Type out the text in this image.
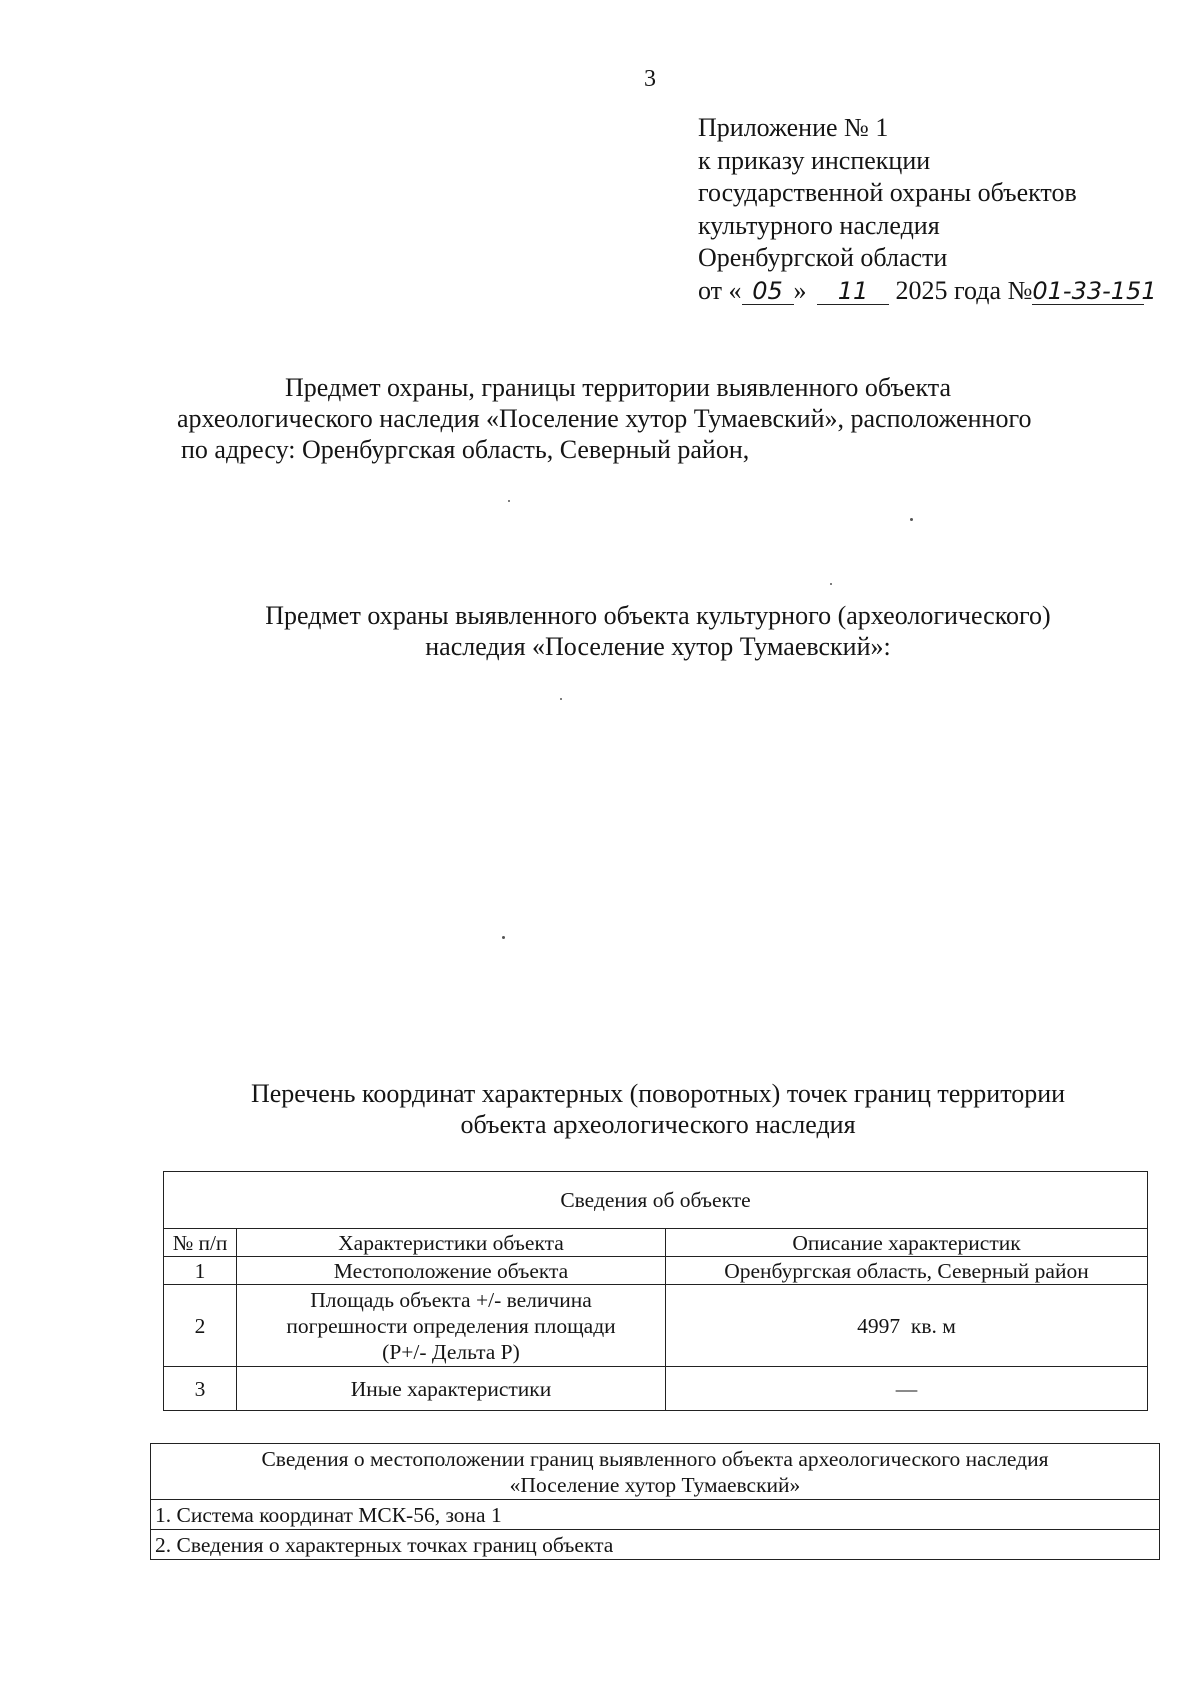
3
Приложение № 1
к приказу инспекции
государственной охраны объектов
культурного наследия
Оренбургской области
от « 05 » 11 2025 года №01-33-151
Предмет охраны, границы территории выявленного объекта
археологического наследия «Поселение хутор Тумаевский», расположенного
по адресу: Оренбургская область, Северный район,
Предмет охраны выявленного объекта культурного (археологического)
наследия «Поселение хутор Тумаевский»:
Перечень координат характерных (поворотных) точек границ территории
объекта археологического наследия
Сведения об объекте		
№ п/п	Характеристики объекта	Описание характеристик
1	Местоположение объекта	Оренбургская область, Северный район
2	Площадь объекта +/- величина
погрешности определения площади
(P+/- Дельта P)	4997  кв. м
3	Иные характеристики	—
Сведения о местоположении границ выявленного объекта археологического наследия
«Поселение хутор Тумаевский»

1. Система координат МСК-56, зона 1
2. Сведения о характерных точках границ объекта
